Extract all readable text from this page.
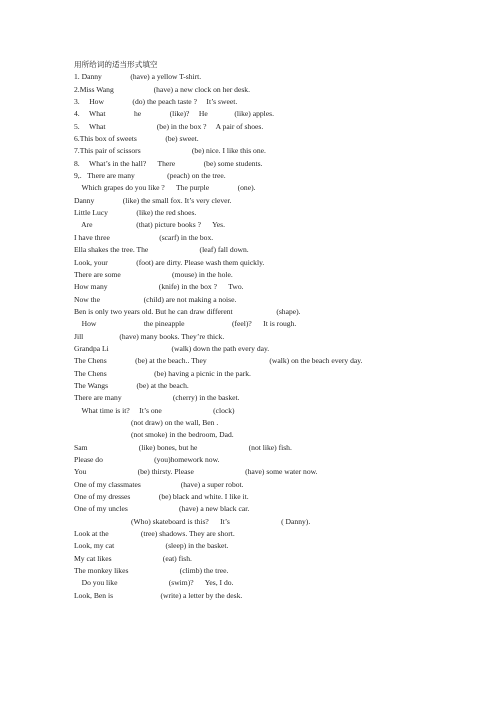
用所给词的适当形式填空
1. Danny               (have) a yellow T-shirt.
2.Miss Wang                     (have) a new clock on her desk.
3.     How               (do) the peach taste ?     It’s sweet.
4.     What               he               (like)?     He              (like) apples.
5.     What                           (be) in the box ?     A pair of shoes.
6.This box of sweets               (be) sweet.
7.This pair of scissors                           (be) nice. I like this one.
8.     What’s in the hall?      There               (be) some students.
9,.   There are many                 (peach) on the tree.
Which grapes do you like ?      The purple               (one).
Danny               (like) the small fox. It’s very clever.
Little Lucy               (like) the red shoes.
Are                       (that) picture books ?      Yes.
I have three                          (scarf) in the box.
Ella shakes the tree. The                           (leaf) fall down.
Look, your               (foot) are dirty. Please wash them quickly.
There are some                           (mouse) in the hole.
How many                           (knife) in the box ?      Two.
Now the                       (child) are not making a noise.
Ben is only two years old. But he can draw different                       (shape).
How                         the pineapple                         (feel)?      It is rough.
Jill                   (have) many books. They’re thick.
Grandpa Li                                 (walk) down the path every day.
The Chens               (be) at the beach.. They                                 (walk) on the beach every day.
The Chens                         (be) having a picnic in the park.
The Wangs               (be) at the beach.
There are many                           (cherry) in the basket.
What time is it?     It’s one                           (clock)
(not draw) on the wall, Ben .
(not smoke) in the bedroom, Dad.
Sam                           (like) bones, but he                           (not like) fish.
Please do                           (you)homework now.
You                           (be) thirsty. Please                           (have) some water now.
One of my classmates                     (have) a super robot.
One of my dresses               (be) black and white. I like it.
One of my uncles                           (have) a new black car.
(Who) skateboard is this?      It’s                           ( Danny).
Look at the                 (tree) shadows. They are short.
Look, my cat                           (sleep) in the basket.
My cat likes                           (eat) fish.
The monkey likes                           (climb) the tree.
Do you like                           (swim)?      Yes, I do.
Look, Ben is                         (write) a letter by the desk.
